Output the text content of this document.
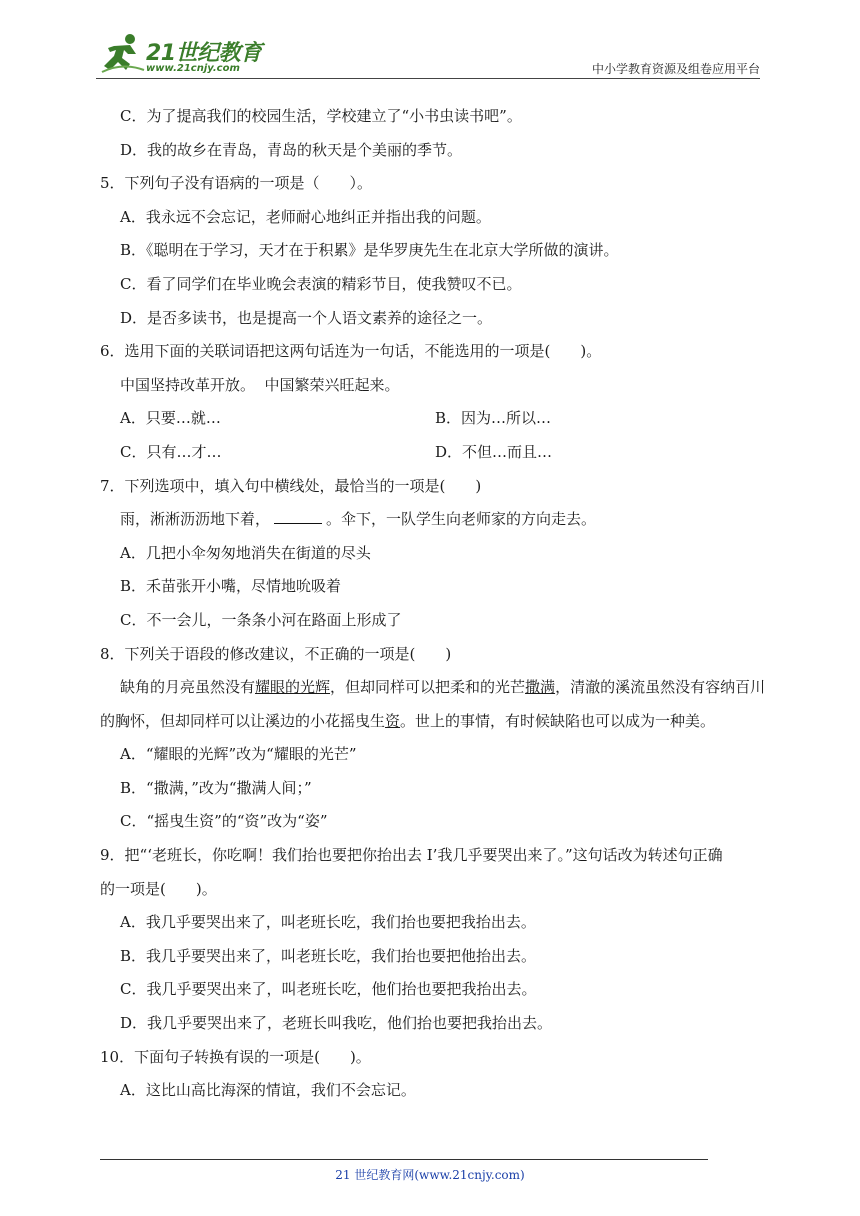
21世纪教育
www.21cnjy.com	中小学教育资源及组卷应用平台
C．为了提高我们的校园生活，学校建立了“小书虫读书吧”。
D．我的故乡在青岛，青岛的秋天是个美丽的季节。
5．下列句子没有语病的一项是（　　）。
A．我永远不会忘记，老师耐心地纠正并指出我的问题。
B．《聪明在于学习，天才在于积累》是华罗庚先生在北京大学所做的演讲。
C．看了同学们在毕业晚会表演的精彩节目，使我赞叹不已。
D．是否多读书，也是提高一个人语文素养的途径之一。
6．选用下面的关联词语把这两句话连为一句话，不能选用的一项是(　　)。
中国坚持改革开放。  中国繁荣兴旺起来。
A．只要…就…	B．因为…所以…
C．只有…才…	D．不但…而且…
7．下列选项中，填入句中横线处，最恰当的一项是(　　)
雨，淅淅沥沥地下着，	。伞下，一队学生向老师家的方向走去。
A．几把小伞匆匆地消失在街道的尽头
B．禾苗张开小嘴，尽情地吮吸着
C．不一会儿，一条条小河在路面上形成了
8．下列关于语段的修改建议，不正确的一项是(　　)
缺角的月亮虽然没有耀眼的光辉，但却同样可以把柔和的光芒撒满，清澈的溪流虽然没有容纳百川的胸怀，但却同样可以让溪边的小花摇曳生资。世上的事情，有时候缺陷也可以成为一种美。
A．“耀眼的光辉”改为“耀眼的光芒”
B．“撒满，”改为“撒满人间；”
C．“摇曳生资”的“资”改为“姿”
9．把“‘老班长，你吃啊！我们抬也要把你抬出去 I’我几乎要哭出来了。”这句话改为转述句正确
的一项是(　　)。
A．我几乎要哭出来了，叫老班长吃，我们抬也要把我抬出去。
B．我几乎要哭出来了，叫老班长吃，我们抬也要把他抬出去。
C．我几乎要哭出来了，叫老班长吃，他们抬也要把我抬出去。
D．我几乎要哭出来了，老班长叫我吃，他们抬也要把我抬出去。
10．下面句子转换有误的一项是(　　)。
A．这比山高比海深的情谊，我们不会忘记。
21 世纪教育网(www.21cnjy.com)
